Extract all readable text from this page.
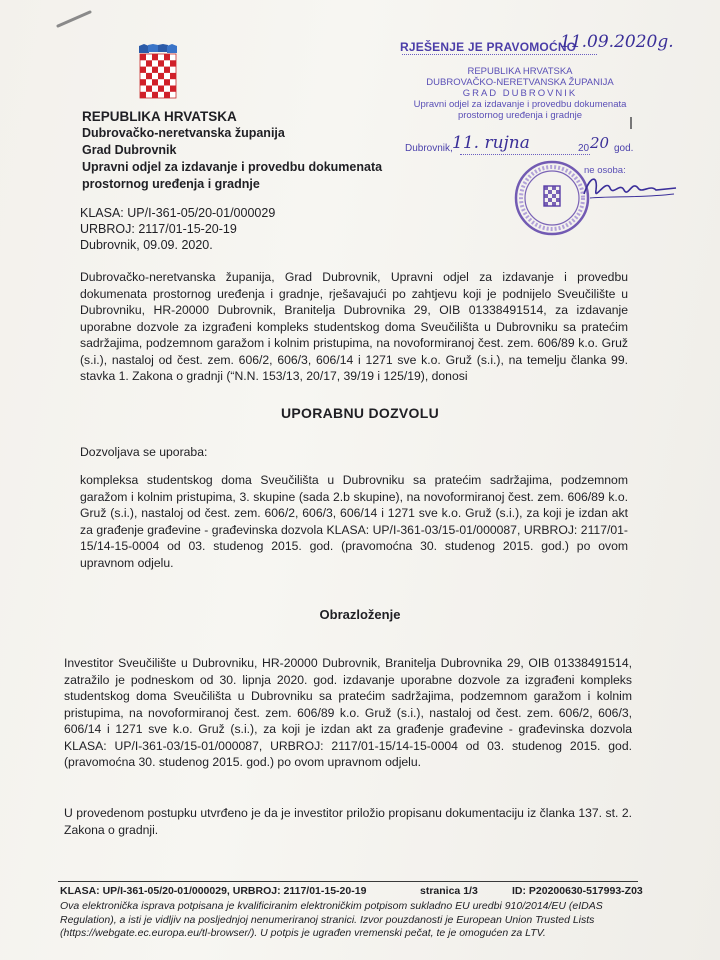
REPUBLIKA HRVATSKA
Dubrovačko-neretvanska županija
Grad Dubrovnik
Upravni odjel za izdavanje i provedbu dokumenata
prostornog uređenja i gradnje
KLASA: UP/I-361-05/20-01/000029
URBROJ: 2117/01-15-20-19
Dubrovnik, 09.09. 2020.
RJEŠENJE JE PRAVOMOĆNO
11.09.2020g.
REPUBLIKA HRVATSKA
DUBROVAČKO-NERETVANSKA ŽUPANIJA
GRAD DUBROVNIK
Upravni odjel za izdavanje i provedbu dokumenata
prostornog uređenja i gradnje
Dubrovnik, 11. rujna	20 20 god.
ne osoba:
Dubrovačko-neretvanska županija, Grad Dubrovnik, Upravni odjel za izdavanje i provedbu dokumenata prostornog uređenja i gradnje, rješavajući po zahtjevu koji je podnijelo Sveučilište u Dubrovniku, HR-20000 Dubrovnik, Branitelja Dubrovnika 29, OIB 01338491514, za izdavanje uporabne dozvole za izgrađeni kompleks studentskog doma Sveučilišta u Dubrovniku sa pratećim sadržajima, podzemnom garažom i kolnim pristupima, na novoformiranoj čest. zem. 606/89 k.o. Gruž (s.i.), nastaloj od čest. zem. 606/2, 606/3, 606/14 i 1271 sve k.o. Gruž (s.i.), na temelju članka 99. stavka 1. Zakona o gradnji (“N.N. 153/13, 20/17, 39/19 i 125/19), donosi
UPORABNU DOZVOLU
Dozvoljava se uporaba:
kompleksa studentskog doma Sveučilišta u Dubrovniku sa pratećim sadržajima, podzemnom garažom i kolnim pristupima, 3. skupine (sada 2.b skupine), na novoformiranoj čest. zem. 606/89 k.o. Gruž (s.i.), nastaloj od čest. zem. 606/2, 606/3, 606/14 i 1271 sve k.o. Gruž (s.i.), za koji je izdan akt za građenje građevine - građevinska dozvola KLASA: UP/I-361-03/15-01/000087, URBROJ: 2117/01-15/14-15-0004 od 03. studenog 2015. god. (pravomoćna 30. studenog 2015. god.) po ovom upravnom odjelu.
Obrazloženje
Investitor Sveučilište u Dubrovniku, HR-20000 Dubrovnik, Branitelja Dubrovnika 29, OIB 01338491514, zatražilo je podneskom od 30. lipnja 2020. god. izdavanje uporabne dozvole za izgrađeni kompleks studentskog doma Sveučilišta u Dubrovniku sa pratećim sadržajima, podzemnom garažom i kolnim pristupima, na novoformiranoj čest. zem. 606/89 k.o. Gruž (s.i.), nastaloj od čest. zem. 606/2, 606/3, 606/14 i 1271 sve k.o. Gruž (s.i.), za koji je izdan akt za građenje građevine - građevinska dozvola KLASA: UP/I-361-03/15-01/000087, URBROJ: 2117/01-15/14-15-0004 od 03. studenog 2015. god. (pravomoćna 30. studenog 2015. god.) po ovom upravnom odjelu.
U provedenom postupku utvrđeno je da je investitor priložio propisanu dokumentaciju iz članka 137. st. 2. Zakona o gradnji.
KLASA: UP/I-361-05/20-01/000029, URBROJ: 2117/01-15-20-19	stranica 1/3	ID: P20200630-517993-Z03
Ova elektronička isprava potpisana je kvalificiranim elektroničkim potpisom sukladno EU uredbi 910/2014/EU (eIDAS Regulation), a isti je vidljiv na posljednjoj nenumeriranoj stranici. Izvor pouzdanosti je European Union Trusted Lists (https://webgate.ec.europa.eu/tl-browser/). U potpis je ugrađen vremenski pečat, te je omogućen za LTV.
